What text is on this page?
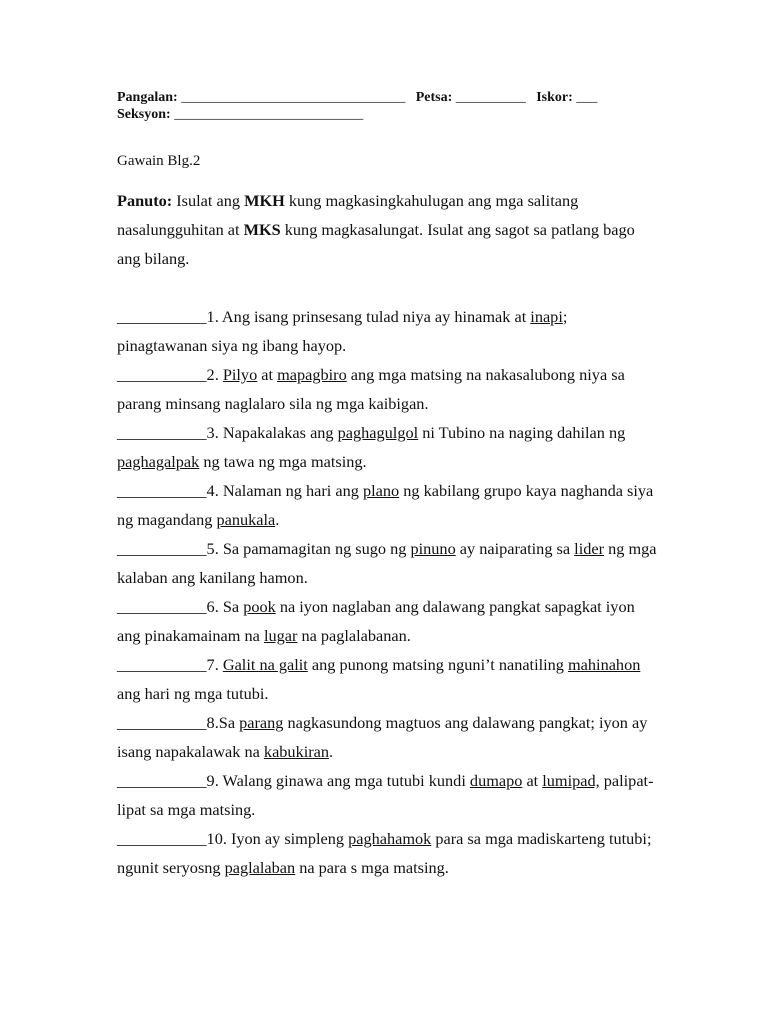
Pangalan: ________________________________ Petsa: __________ Iskor: ___
Seksyon: ___________________________
Gawain Blg.2
Panuto: Isulat ang MKH kung magkasingkahulugan ang mga salitang nasalungguhitan at MKS kung magkasalungat. Isulat ang sagot sa patlang bago ang bilang.
___________1. Ang isang prinsesang tulad niya ay hinamak at inapi; pinagtawanan siya ng ibang hayop.
___________2. Pilyo at mapagbiro ang mga matsing na nakasalubong niya sa parang minsang naglalaro sila ng mga kaibigan.
___________3. Napakalakas ang paghagulgol ni Tubino na naging dahilan ng paghagalpak ng tawa ng mga matsing.
___________4. Nalaman ng hari ang plano ng kabilang grupo kaya naghanda siya ng magandang panukala.
___________5. Sa pamamagitan ng sugo ng pinuno ay naiparating sa lider ng mga kalaban ang kanilang hamon.
___________6. Sa pook na iyon naglaban ang dalawang pangkat sapagkat iyon ang pinakamainam na lugar na paglalabanan.
___________7. Galit na galit ang punong matsing nguni’t nanatiling mahinahon ang hari ng mga tutubi.
___________8.Sa parang nagkasundong magtuos ang dalawang pangkat; iyon ay isang napakalawak na kabukiran.
___________9. Walang ginawa ang mga tutubi kundi dumapo at lumipad, palipat-lipat sa mga matsing.
___________10. Iyon ay simpleng paghahamok para sa mga madiskarteng tutubi; ngunit seryosng paglalaban na para s mga matsing.
